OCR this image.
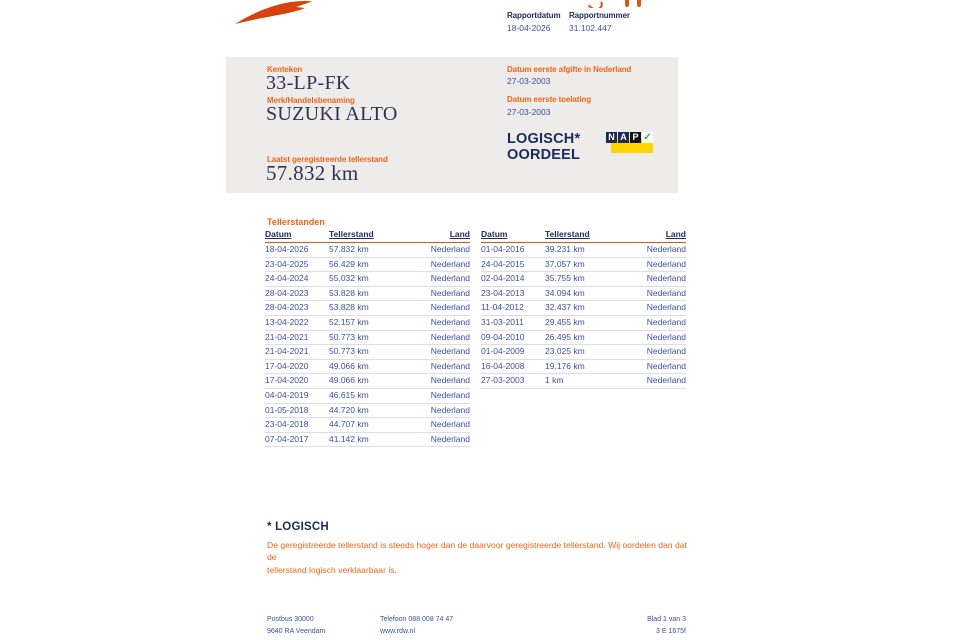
Rapportdatum
18-04-2026
Rapportnummer
31.102.447
Kenteken
33-LP-FK
Merk/Handelsbenaming
SUZUKI ALTO
Datum eerste afgifte in Nederland
27-03-2003
Datum eerste toelating
27-03-2003
LOGISCH*
OORDEEL
N A P ✓
Laatst geregistreerde tellerstand
57.832 km
Tellerstanden
Datum	Tellerstand	Land
18-04-2026	57.832 km	Nederland
23-04-2025	56.429 km	Nederland
24-04-2024	55.032 km	Nederland
28-04-2023	53.828 km	Nederland
28-04-2023	53.828 km	Nederland
13-04-2022	52.157 km	Nederland
21-04-2021	50.773 km	Nederland
21-04-2021	50.773 km	Nederland
17-04-2020	49.066 km	Nederland
17-04-2020	49.066 km	Nederland
04-04-2019	46.615 km	Nederland
01-05-2018	44.720 km	Nederland
23-04-2018	44.707 km	Nederland
07-04-2017	41.142 km	Nederland
Datum	Tellerstand	Land
01-04-2016	39.231 km	Nederland
24-04-2015	37.057 km	Nederland
02-04-2014	35.755 km	Nederland
23-04-2013	34.094 km	Nederland
11-04-2012	32.437 km	Nederland
31-03-2011	29.455 km	Nederland
09-04-2010	26.495 km	Nederland
01-04-2009	23.025 km	Nederland
16-04-2008	19.176 km	Nederland
27-03-2003	1 km	Nederland
* LOGISCH
De geregistreerde tellerstand is steeds hoger dan de daarvoor geregistreerde tellerstand. Wij oordelen dan dat de
tellerstand logisch verklaarbaar is.
Postbus 30000	Telefoon 088 008 74 47	Blad 1 van 3
9640 RA Veendam	www.rdw.nl	3 E 1675f
